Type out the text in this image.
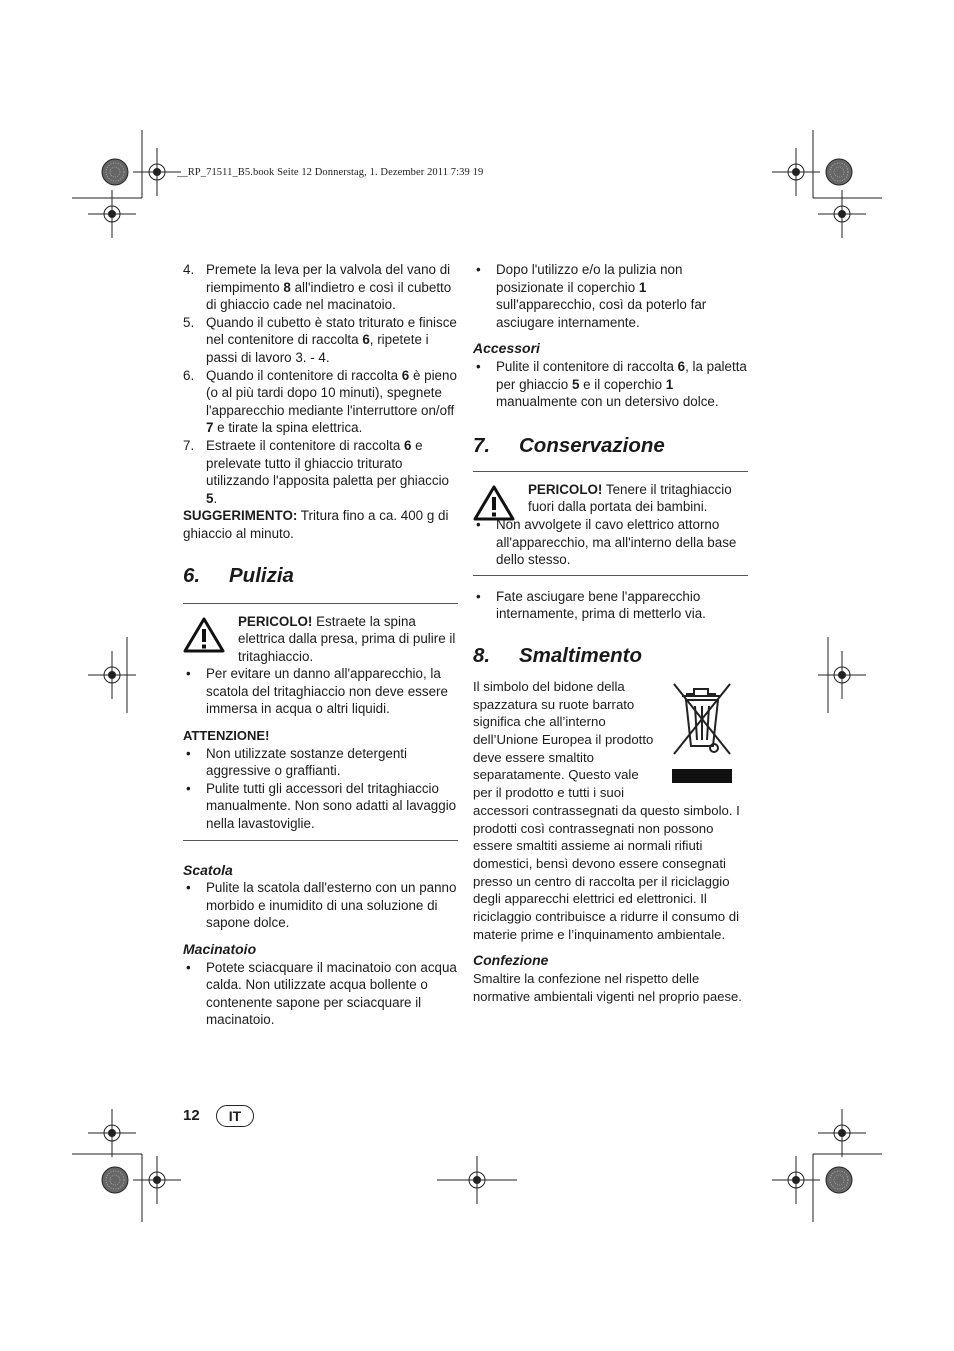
__RP_71511_B5.book Seite 12 Donnerstag, 1. Dezember 2011 7:39 19
4. Premete la leva per la valvola del vano di riempimento 8 all'indietro e così il cubetto di ghiaccio cade nel macinatoio.
5. Quando il cubetto è stato triturato e finisce nel contenitore di raccolta 6, ripetete i passi di lavoro 3. - 4.
6. Quando il contenitore di raccolta 6 è pieno (o al più tardi dopo 10 minuti), spegnete l'apparecchio mediante l'interruttore on/off 7 e tirate la spina elettrica.
7. Estraete il contenitore di raccolta 6 e prelevate tutto il ghiaccio triturato utilizzando l'apposita paletta per ghiaccio 5.
SUGGERIMENTO: Tritura fino a ca. 400 g di ghiaccio al minuto.
6. Pulizia
PERICOLO! Estraete la spina elettrica dalla presa, prima di pulire il tritaghiaccio.
• Per evitare un danno all'apparecchio, la scatola del tritaghiaccio non deve essere immersa in acqua o altri liquidi.
ATTENZIONE!
• Non utilizzate sostanze detergenti aggressive o graffianti.
• Pulite tutti gli accessori del tritaghiaccio manualmente. Non sono adatti al lavaggio nella lavastoviglie.
Scatola
• Pulite la scatola dall'esterno con un panno morbido e inumidito di una soluzione di sapone dolce.
Macinatoio
• Potete sciacquare il macinatoio con acqua calda. Non utilizzate acqua bollente o contenente sapone per sciacquare il macinatoio.
• Dopo l'utilizzo e/o la pulizia non posizionate il coperchio 1 sull'apparecchio, così da poterlo far asciugare internamente.
Accessori
• Pulite il contenitore di raccolta 6, la paletta per ghiaccio 5 e il coperchio 1 manualmente con un detersivo dolce.
7. Conservazione
PERICOLO! Tenere il tritaghiaccio fuori dalla portata dei bambini.
• Non avvolgete il cavo elettrico attorno all'apparecchio, ma all'interno della base dello stesso.
• Fate asciugare bene l'apparecchio internamente, prima di metterlo via.
8. Smaltimento
Il simbolo del bidone della spazzatura su ruote barrato significa che all’interno dell’Unione Europea il prodotto deve essere smaltito separatamente. Questo vale per il prodotto e tutti i suoi accessori contrassegnati da questo simbolo. I prodotti così contrassegnati non possono essere smaltiti assieme ai normali rifiuti domestici, bensì devono essere consegnati presso un centro di raccolta per il riciclaggio degli apparecchi elettrici ed elettronici. Il riciclaggio contribuisce a ridurre il consumo di materie prime e l’inquinamento ambientale.
Confezione
Smaltire la confezione nel rispetto delle normative ambientali vigenti nel proprio paese.
12	IT
